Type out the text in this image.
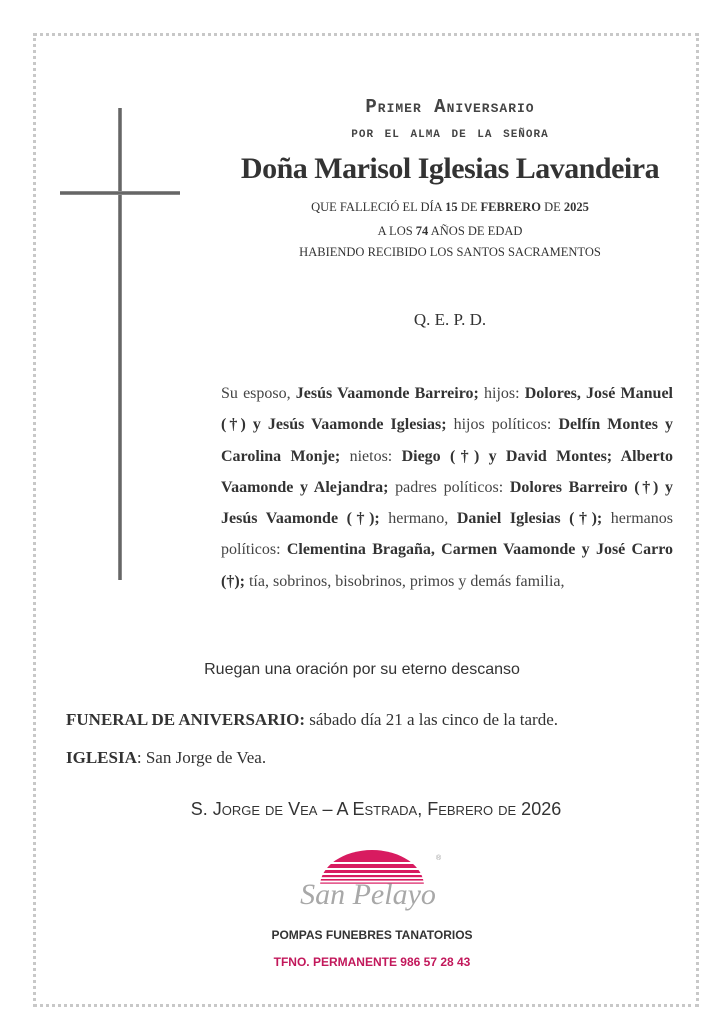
Primer Aniversario
por el alma de la señora
Doña Marisol Iglesias Lavandeira
QUE FALLECIÓ EL DÍA 15 DE FEBRERO DE 2025
A LOS 74 AÑOS DE EDAD
HABIENDO RECIBIDO LOS SANTOS SACRAMENTOS
Q. E. P. D.
Su esposo, Jesús Vaamonde Barreiro; hijos: Dolores, José Manuel (†) y Jesús Vaamonde Iglesias; hijos políticos: Delfín Montes y Carolina Monje; nietos: Diego (†) y David Montes; Alberto Vaamonde y Alejandra; padres políticos: Dolores Barreiro (†) y Jesús Vaamonde (†); hermano, Daniel Iglesias (†); hermanos políticos: Clementina Bragaña, Carmen Vaamonde y José Carro (†); tía, sobrinos, bisobrinos, primos y demás familia,
Ruegan una oración por su eterno descanso
FUNERAL DE ANIVERSARIO: sábado día 21 a las cinco de la tarde.
IGLESIA: San Jorge de Vea.
S. Jorge de Vea – A Estrada, Febrero de 2026
San Pelayo
®
POMPAS FUNEBRES TANATORIOS
TFNO. PERMANENTE 986 57 28 43
